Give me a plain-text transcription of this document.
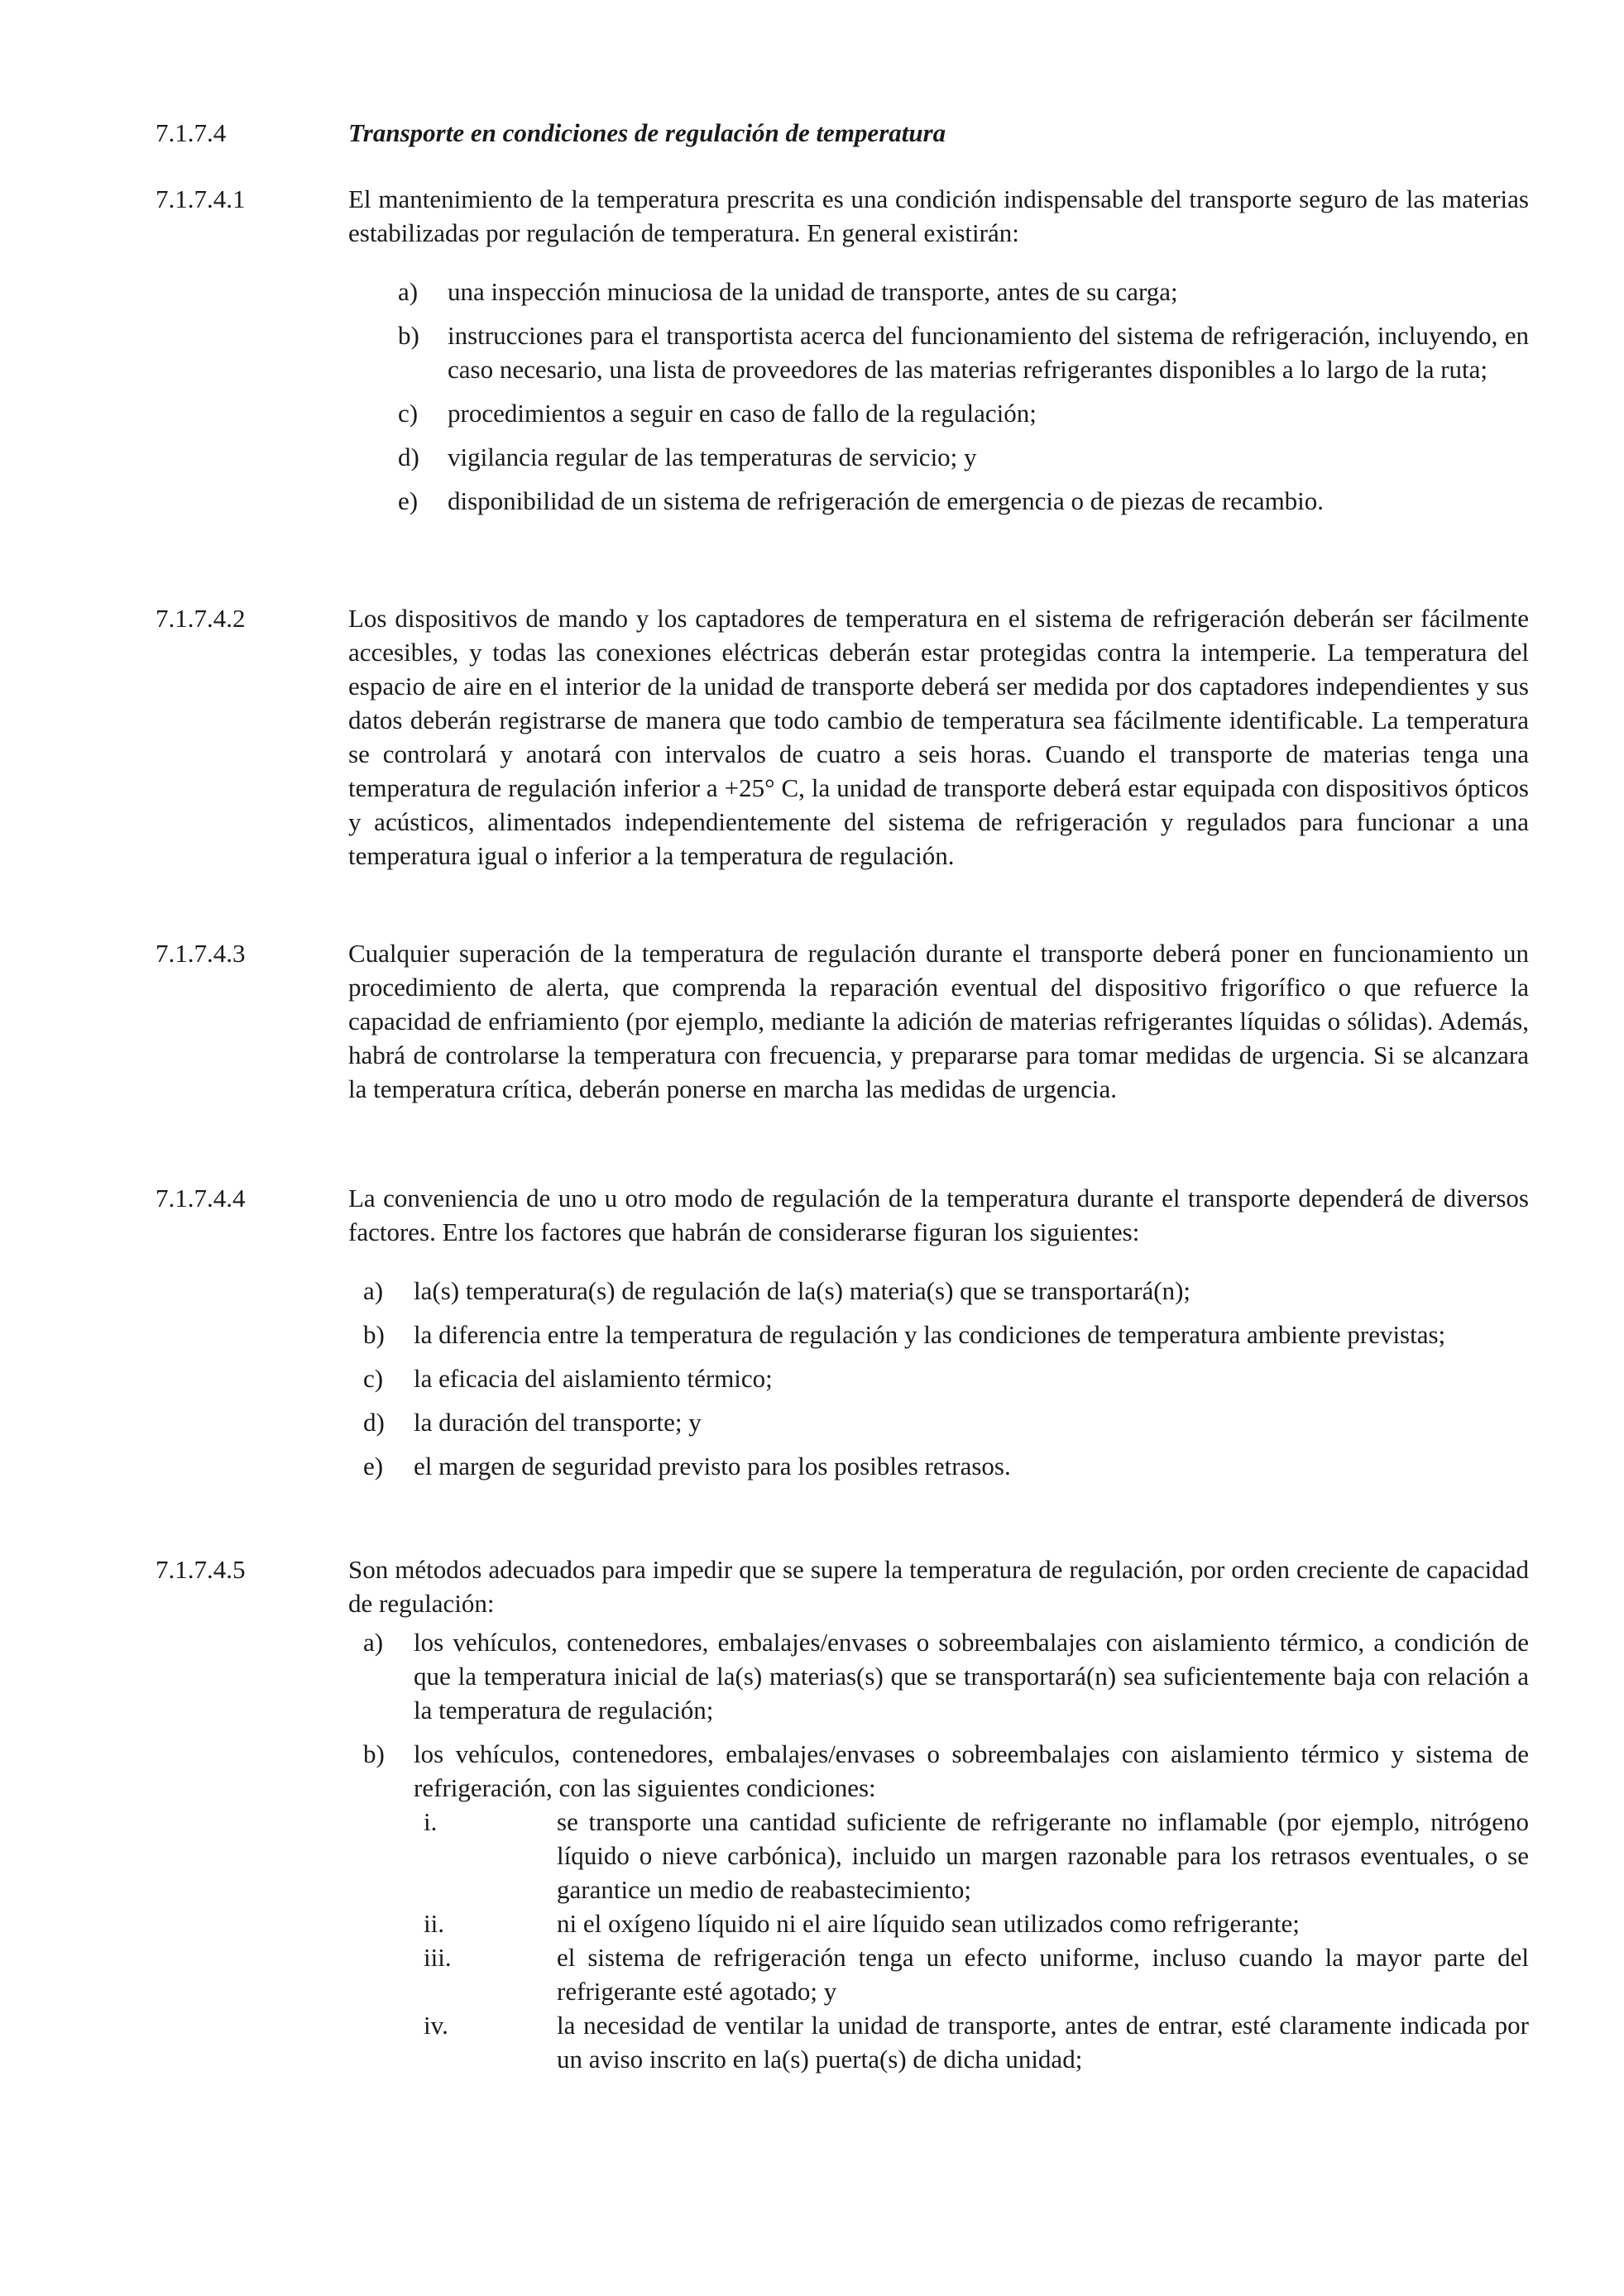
7.1.7.4	Transporte en condiciones de regulación de temperatura
7.1.7.4.1	El mantenimiento de la temperatura prescrita es una condición indispensable del transporte seguro de las materias estabilizadas por regulación de temperatura. En general existirán:

a) una inspección minuciosa de la unidad de transporte, antes de su carga;
b) instrucciones para el transportista acerca del funcionamiento del sistema de refrigeración, incluyendo, en caso necesario, una lista de proveedores de las materias refrigerantes disponibles a lo largo de la ruta;
c) procedimientos a seguir en caso de fallo de la regulación;
d) vigilancia regular de las temperaturas de servicio; y
e) disponibilidad de un sistema de refrigeración de emergencia o de piezas de recambio.
7.1.7.4.2	Los dispositivos de mando y los captadores de temperatura en el sistema de refrigeración deberán ser fácilmente accesibles, y todas las conexiones eléctricas deberán estar protegidas contra la intemperie. La temperatura del espacio de aire en el interior de la unidad de transporte deberá ser medida por dos captadores independientes y sus datos deberán registrarse de manera que todo cambio de temperatura sea fácilmente identificable. La temperatura se controlará y anotará con intervalos de cuatro a seis horas. Cuando el transporte de materias tenga una temperatura de regulación inferior a +25° C, la unidad de transporte deberá estar equipada con dispositivos ópticos y acústicos, alimentados independientemente del sistema de refrigeración y regulados para funcionar a una temperatura igual o inferior a la temperatura de regulación.

7.1.7.4.3	Cualquier superación de la temperatura de regulación durante el transporte deberá poner en funcionamiento un procedimiento de alerta, que comprenda la reparación eventual del dispositivo frigorífico o que refuerce la capacidad de enfriamiento (por ejemplo, mediante la adición de materias refrigerantes líquidas o sólidas). Además, habrá de controlarse la temperatura con frecuencia, y prepararse para tomar medidas de urgencia. Si se alcanzara la temperatura crítica, deberán ponerse en marcha las medidas de urgencia.

7.1.7.4.4	La conveniencia de uno u otro modo de regulación de la temperatura durante el transporte dependerá de diversos factores. Entre los factores que habrán de considerarse figuran los siguientes:

a) la(s) temperatura(s) de regulación de la(s) materia(s) que se transportará(n);
b) la diferencia entre la temperatura de regulación y las condiciones de temperatura ambiente previstas;
c) la eficacia del aislamiento térmico;
d) la duración del transporte; y
e) el margen de seguridad previsto para los posibles retrasos.
7.1.7.4.5	Son métodos adecuados para impedir que se supere la temperatura de regulación, por orden creciente de capacidad de regulación:

a) los vehículos, contenedores, embalajes/envases o sobreembalajes con aislamiento térmico, a condición de que la temperatura inicial de la(s) materias(s) que se transportará(n) sea suficientemente baja con relación a la temperatura de regulación;
b) los vehículos, contenedores, embalajes/envases o sobreembalajes con aislamiento térmico y sistema de refrigeración, con las siguientes condiciones:
i.	se transporte una cantidad suficiente de refrigerante no inflamable (por ejemplo, nitrógeno líquido o nieve carbónica), incluido un margen razonable para los retrasos eventuales, o se garantice un medio de reabastecimiento;
ii.	ni el oxígeno líquido ni el aire líquido sean utilizados como refrigerante;
iii.	el sistema de refrigeración tenga un efecto uniforme, incluso cuando la mayor parte del refrigerante esté agotado; y
iv.	la necesidad de ventilar la unidad de transporte, antes de entrar, esté claramente indicada por un aviso inscrito en la(s) puerta(s) de dicha unidad;
